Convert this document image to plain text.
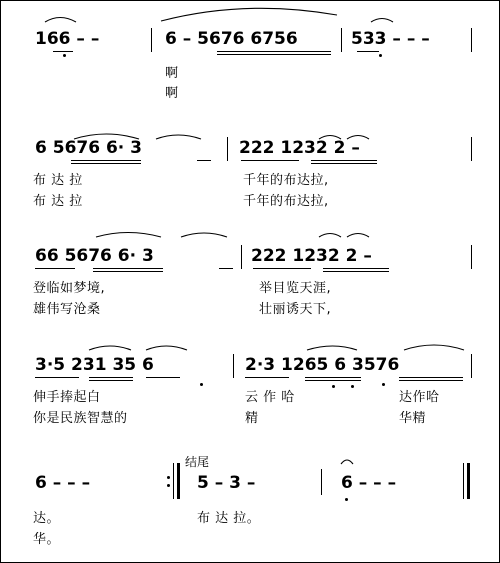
166 – –	6 – 5676 6756	533 – – –
啊
啊
6 5676 6· 3	222 1232 2 –
布 达 拉	千年的布达拉,
布 达 拉	千年的布达拉,
66 5676 6· 3	222 1232 2 –
登临如梦境,	举目览天涯,
雄伟写沧桑	壮丽诱天下,
3·5 231 35 6	2·3 1265 6 3576
伸手捧起白	云 作 哈	达作哈
你是民族智慧的	精	华精
结尾
6 – – –	5 – 3 –	6 – – –
达。	布 达 拉。
华。
